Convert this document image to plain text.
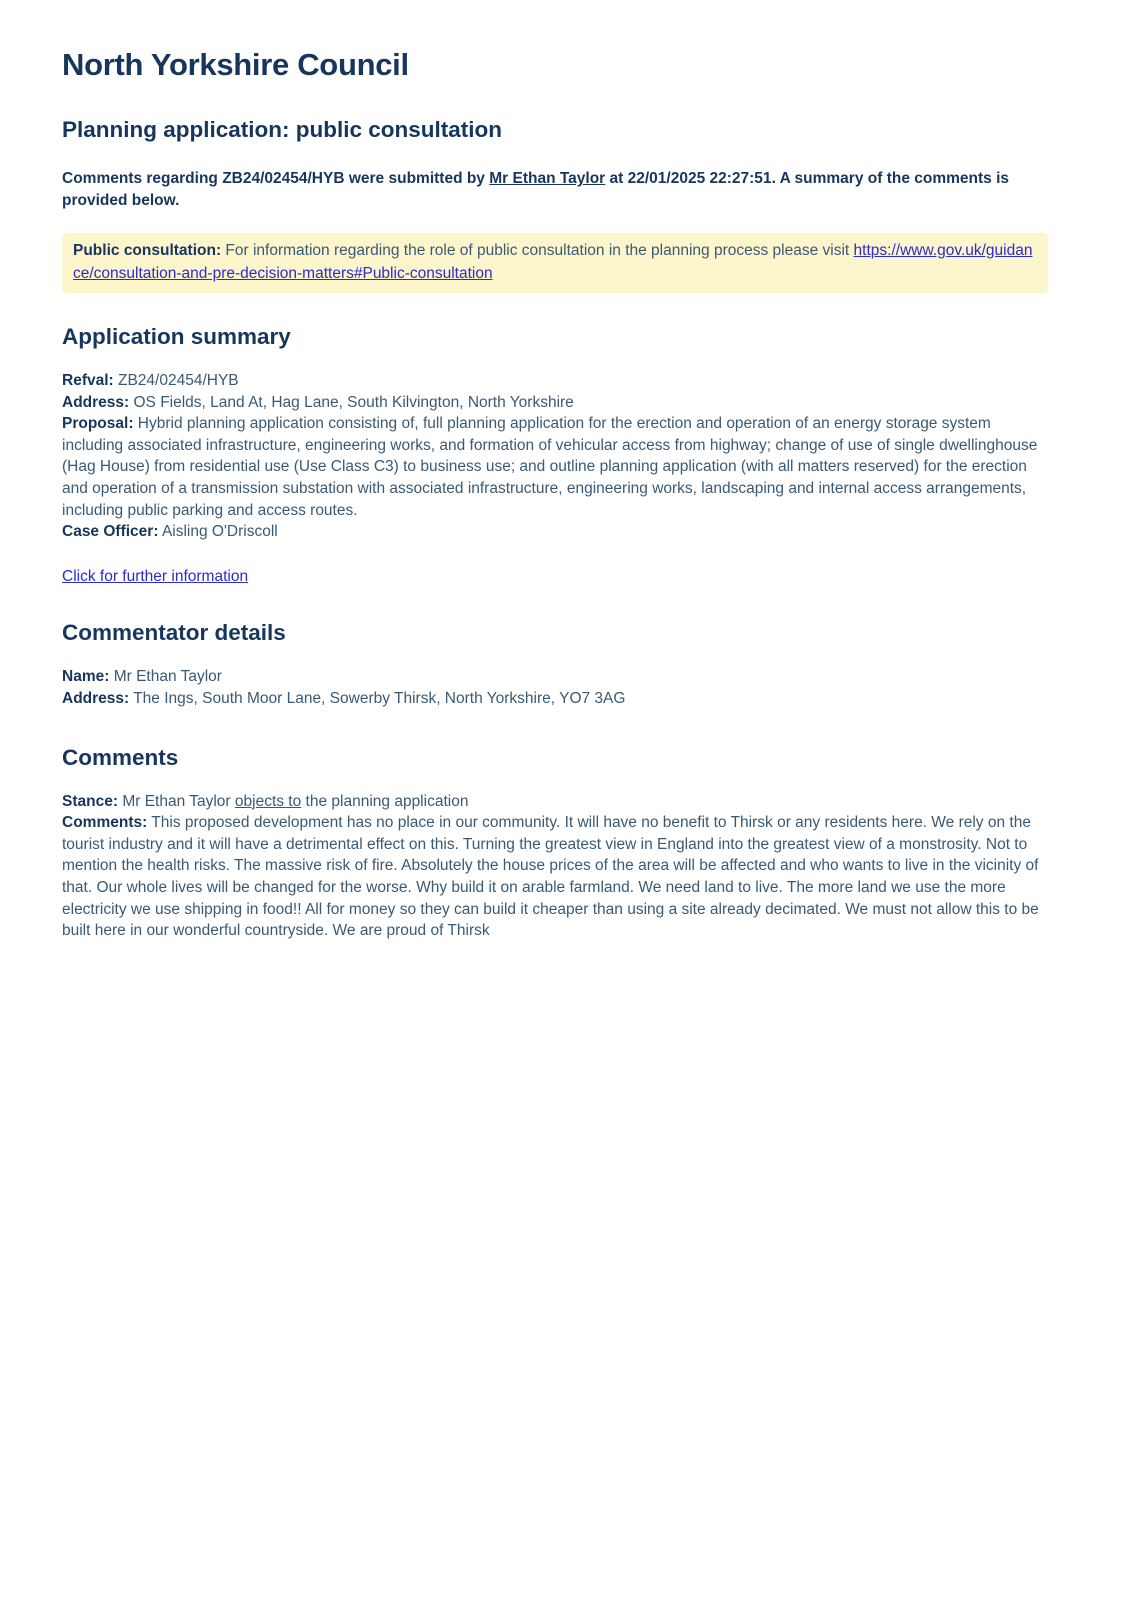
North Yorkshire Council
Planning application: public consultation

Comments regarding ZB24/02454/HYB were submitted by Mr Ethan Taylor at 22/01/2025 22:27:51. A summary of the comments is provided below.

Public consultation: For information regarding the role of public consultation in the planning process please visit https://www.gov.uk/guidance/consultation-and-pre-decision-matters#Public-consultation
Application summary
Refval: ZB24/02454/HYB
Address: OS Fields, Land At, Hag Lane, South Kilvington, North Yorkshire
Proposal: Hybrid planning application consisting of, full planning application for the erection and operation of an energy storage system including associated infrastructure, engineering works, and formation of vehicular access from highway; change of use of single dwellinghouse (Hag House) from residential use (Use Class C3) to business use; and outline planning application (with all matters reserved) for the erection and operation of a transmission substation with associated infrastructure, engineering works, landscaping and internal access arrangements, including public parking and access routes.
Case Officer: Aisling O'Driscoll
Click for further information
Commentator details
Name: Mr Ethan Taylor
Address: The Ings, South Moor Lane, Sowerby Thirsk, North Yorkshire, YO7 3AG
Comments
Stance: Mr Ethan Taylor objects to the planning application
Comments: This proposed development has no place in our community. It will have no benefit to Thirsk or any residents here. We rely on the tourist industry and it will have a detrimental effect on this. Turning the greatest view in England into the greatest view of a monstrosity. Not to mention the health risks. The massive risk of fire. Absolutely the house prices of the area will be affected and who wants to live in the vicinity of that. Our whole lives will be changed for the worse. Why build it on arable farmland. We need land to live. The more land we use the more electricity we use shipping in food!! All for money so they can build it cheaper than using a site already decimated. We must not allow this to be built here in our wonderful countryside. We are proud of Thirsk
